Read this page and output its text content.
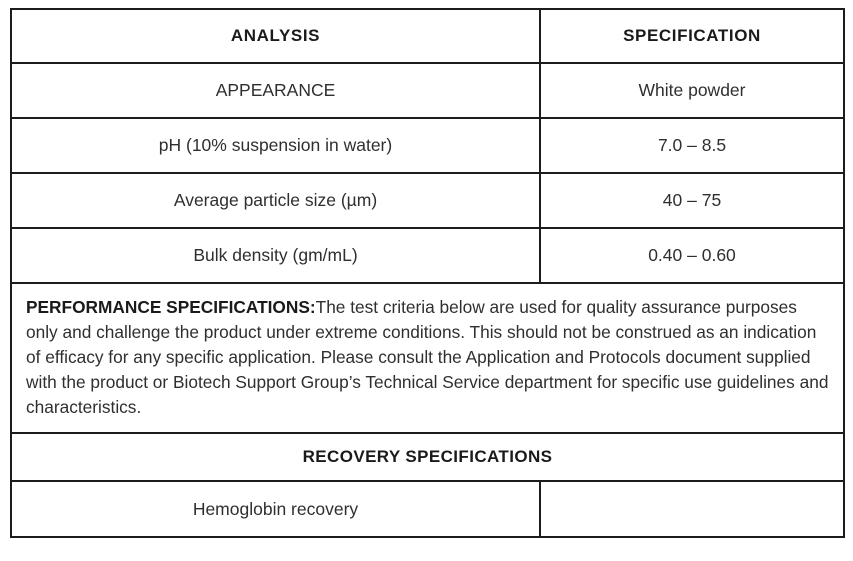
ANALYSIS	SPECIFICATION
APPEARANCE	White powder
pH (10% suspension in water)	7.0 – 8.5
Average particle size (µm)	40 – 75
Bulk density (gm/mL)	0.40 – 0.60
PERFORMANCE SPECIFICATIONS:The test criteria below are used for quality assurance purposes only and challenge the product under extreme conditions. This should not be construed as an indication of efficacy for any specific application. Please consult the Application and Protocols document supplied with the product or Biotech Support Group’s Technical Service department for specific use guidelines and characteristics.	
RECOVERY SPECIFICATIONS	
Hemoglobin recovery	
